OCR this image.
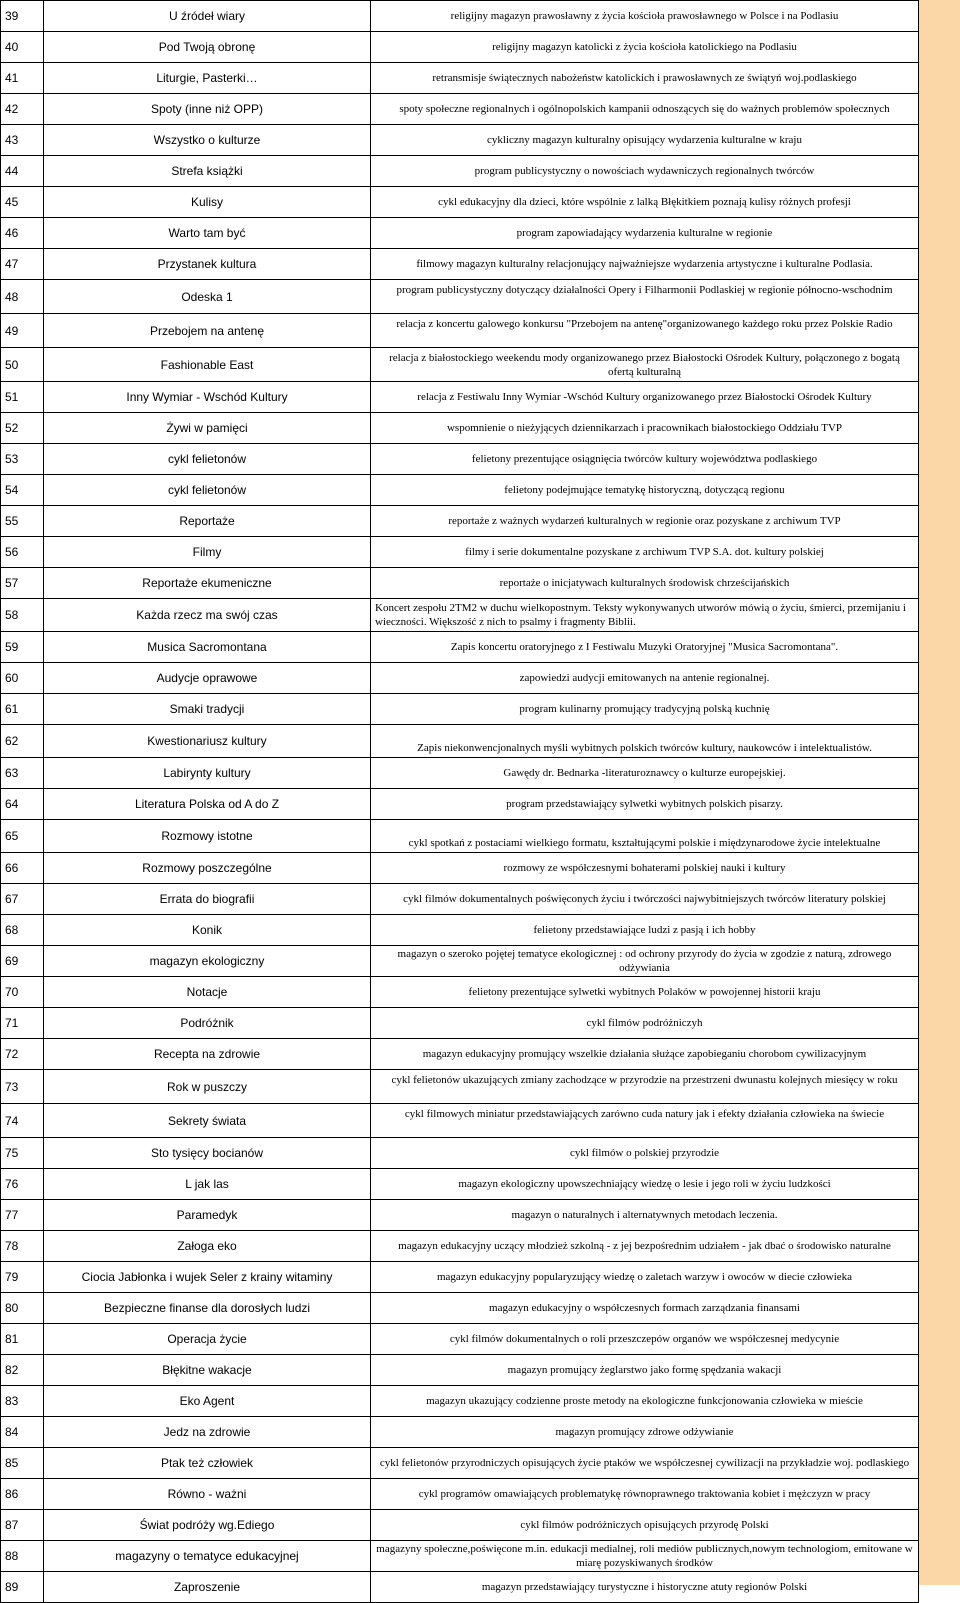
39	U źródeł wiary	religijny magazyn prawosławny z życia kościoła prawosławnego w Polsce i na Podlasiu
40	Pod Twoją obronę	religijny magazyn katolicki z życia kościoła katolickiego na Podlasiu
41	Liturgie, Pasterki…	retransmisje świątecznych nabożeństw katolickich i prawosławnych ze świątyń woj.podlaskiego
42	Spoty (inne niż OPP)	spoty społeczne regionalnych i ogólnopolskich kampanii odnoszących się do ważnych problemów społecznych
43	Wszystko o kulturze	cykliczny magazyn kulturalny opisujący wydarzenia kulturalne w kraju
44	Strefa książki	program publicystyczny o nowościach wydawniczych regionalnych twórców
45	Kulisy	cykl edukacyjny dla dzieci, które wspólnie z lalką Błękitkiem poznają kulisy różnych profesji
46	Warto tam być	program zapowiadający wydarzenia kulturalne w regionie
47	Przystanek kultura	filmowy magazyn kulturalny relacjonujący najważniejsze wydarzenia artystyczne i kulturalne Podlasia.
48	Odeska 1	program publicystyczny dotyczący działalności Opery i Filharmonii Podlaskiej w regionie północno-wschodnim
49	Przebojem na antenę	relacja z koncertu galowego konkursu "Przebojem na antenę"organizowanego każdego roku przez Polskie Radio
50	Fashionable East	relacja z białostockiego weekendu mody organizowanego przez Białostocki Ośrodek Kultury, połączonego z bogatą ofertą kulturalną
51	Inny Wymiar - Wschód Kultury	relacja z Festiwalu Inny Wymiar -Wschód Kultury organizowanego przez Białostocki Ośrodek Kultury
52	Żywi w pamięci	wspomnienie o nieżyjących dziennikarzach i pracownikach białostockiego Oddziału TVP
53	cykl felietonów	felietony prezentujące osiągnięcia twórców kultury województwa podlaskiego
54	cykl felietonów	felietony podejmujące tematykę historyczną, dotyczącą regionu
55	Reportaże	reportaże z ważnych wydarzeń kulturalnych w regionie oraz pozyskane z archiwum TVP
56	Filmy	filmy i serie dokumentalne pozyskane z archiwum TVP S.A. dot. kultury polskiej
57	Reportaże ekumeniczne	reportaże o inicjatywach kulturalnych środowisk chrześcijańskich
58	Każda rzecz ma swój czas	Koncert zespołu 2TM2 w duchu wielkopostnym. Teksty wykonywanych utworów mówią o życiu, śmierci, przemijaniu i wieczności. Większość z nich to psalmy i fragmenty Biblii.
59	Musica Sacromontana	Zapis koncertu oratoryjnego z I Festiwalu Muzyki Oratoryjnej "Musica Sacromontana".
60	Audycje oprawowe	zapowiedzi audycji emitowanych na antenie regionalnej.
61	Smaki tradycji	program kulinarny promujący tradycyjną polską kuchnię
62	Kwestionariusz kultury	Zapis niekonwencjonalnych myśli wybitnych polskich twórców kultury, naukowców i intelektualistów.
63	Labirynty kultury	Gawędy dr. Bednarka -literaturoznawcy o kulturze europejskiej.
64	Literatura Polska od A do Z	program przedstawiający sylwetki wybitnych polskich pisarzy.
65	Rozmowy istotne	cykl spotkań z postaciami wielkiego formatu, kształtującymi polskie i międzynarodowe życie intelektualne
66	Rozmowy poszczególne	rozmowy ze współczesnymi bohaterami polskiej nauki i kultury
67	Errata do biografii	cykl filmów dokumentalnych poświęconych życiu i twórczości najwybitniejszych twórców literatury polskiej
68	Konik	felietony przedstawiające ludzi z pasją i ich hobby
69	magazyn ekologiczny	magazyn o szeroko pojętej tematyce ekologicznej : od ochrony przyrody do życia w zgodzie z naturą, zdrowego odżywiania
70	Notacje	felietony prezentujące sylwetki wybitnych Polaków w powojennej historii kraju
71	Podróżnik	cykl filmów podróżniczyh
72	Recepta na zdrowie	magazyn edukacyjny promujący wszelkie działania służące zapobieganiu chorobom cywilizacyjnym
73	Rok w puszczy	cykl felietonów ukazujących zmiany zachodzące w przyrodzie na przestrzeni dwunastu kolejnych miesięcy w roku
74	Sekrety świata	cykl filmowych miniatur przedstawiających zarówno cuda natury jak i efekty działania człowieka na świecie
75	Sto tysięcy bocianów	cykl filmów o polskiej przyrodzie
76	L jak las	magazyn ekologiczny upowszechniający wiedzę o lesie i jego roli w życiu ludzkości
77	Paramedyk	magazyn o naturalnych i alternatywnych metodach leczenia.
78	Załoga eko	magazyn edukacyjny uczący młodzież szkolną - z jej bezpośrednim udziałem - jak dbać o środowisko naturalne
79	Ciocia Jabłonka i wujek Seler z krainy witaminy	magazyn edukacyjny popularyzujący wiedzę o zaletach warzyw i owoców w diecie człowieka
80	Bezpieczne finanse dla dorosłych ludzi	magazyn edukacyjny o współczesnych formach zarządzania finansami
81	Operacja życie	cykl filmów dokumentalnych o roli przeszczepów organów we współczesnej medycynie
82	Błękitne wakacje	magazyn promujący żeglarstwo jako formę spędzania wakacji
83	Eko Agent	magazyn ukazujący codzienne proste metody na ekologiczne funkcjonowania człowieka w mieście
84	Jedz na zdrowie	magazyn promujący zdrowe odżywianie
85	Ptak też człowiek	cykl felietonów przyrodniczych opisujących życie ptaków we współczesnej cywilizacji na przykładzie woj. podlaskiego
86	Równo - ważni	cykl programów omawiających problematykę równoprawnego traktowania kobiet i mężczyzn w pracy
87	Świat podróży wg.Ediego	cykl filmów podróżniczych opisujących przyrodę Polski
88	magazyny o tematyce edukacyjnej	magazyny społeczne,poświęcone m.in. edukacji medialnej, roli mediów publicznych,nowym technologiom, emitowane w miarę pozyskiwanych środków
89	Zaproszenie	magazyn przedstawiający turystyczne i historyczne atuty regionów Polski
